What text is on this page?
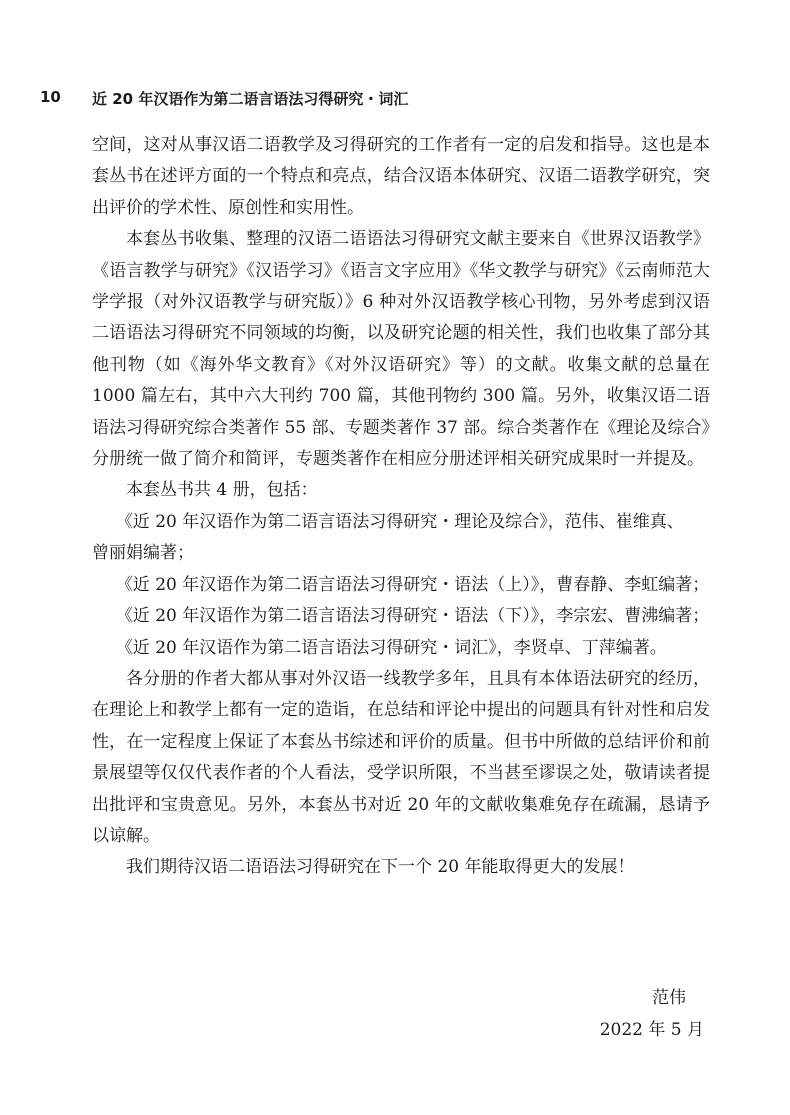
10 近 20 年汉语作为第二语言语法习得研究・词汇

空间，这对从事汉语二语教学及习得研究的工作者有一定的启发和指导。这也是本套丛书在述评方面的一个特点和亮点，结合汉语本体研究、汉语二语教学研究，突出评价的学术性、原创性和实用性。

本套丛书收集、整理的汉语二语语法习得研究文献主要来自《世界汉语教学》《语言教学与研究》《汉语学习》《语言文字应用》《华文教学与研究》《云南师范大学学报（对外汉语教学与研究版）》6 种对外汉语教学核心刊物，另外考虑到汉语二语语法习得研究不同领域的均衡，以及研究论题的相关性，我们也收集了部分其他刊物（如《海外华文教育》《对外汉语研究》等）的文献。收集文献的总量在 1000 篇左右，其中六大刊约 700 篇，其他刊物约 300 篇。另外，收集汉语二语语法习得研究综合类著作 55 部、专题类著作 37 部。综合类著作在《理论及综合》分册统一做了简介和简评，专题类著作在相应分册述评相关研究成果时一并提及。

本套丛书共 4 册，包括：

《近 20 年汉语作为第二语言语法习得研究・理论及综合》，范伟、崔维真、

曾丽娟编著；

《近 20 年汉语作为第二语言语法习得研究・语法（上）》，曹春静、李虹编著；

《近 20 年汉语作为第二语言语法习得研究・语法（下）》，李宗宏、曹沸编著；

《近 20 年汉语作为第二语言语法习得研究・词汇》，李贤卓、丁萍编著。

各分册的作者大都从事对外汉语一线教学多年，且具有本体语法研究的经历，在理论上和教学上都有一定的造诣，在总结和评论中提出的问题具有针对性和启发性，在一定程度上保证了本套丛书综述和评价的质量。但书中所做的总结评价和前景展望等仅仅代表作者的个人看法，受学识所限，不当甚至谬误之处，敬请读者提出批评和宝贵意见。另外，本套丛书对近 20 年的文献收集难免存在疏漏，恳请予以谅解。

我们期待汉语二语语法习得研究在下一个 20 年能取得更大的发展！

范伟
2022 年 5 月
